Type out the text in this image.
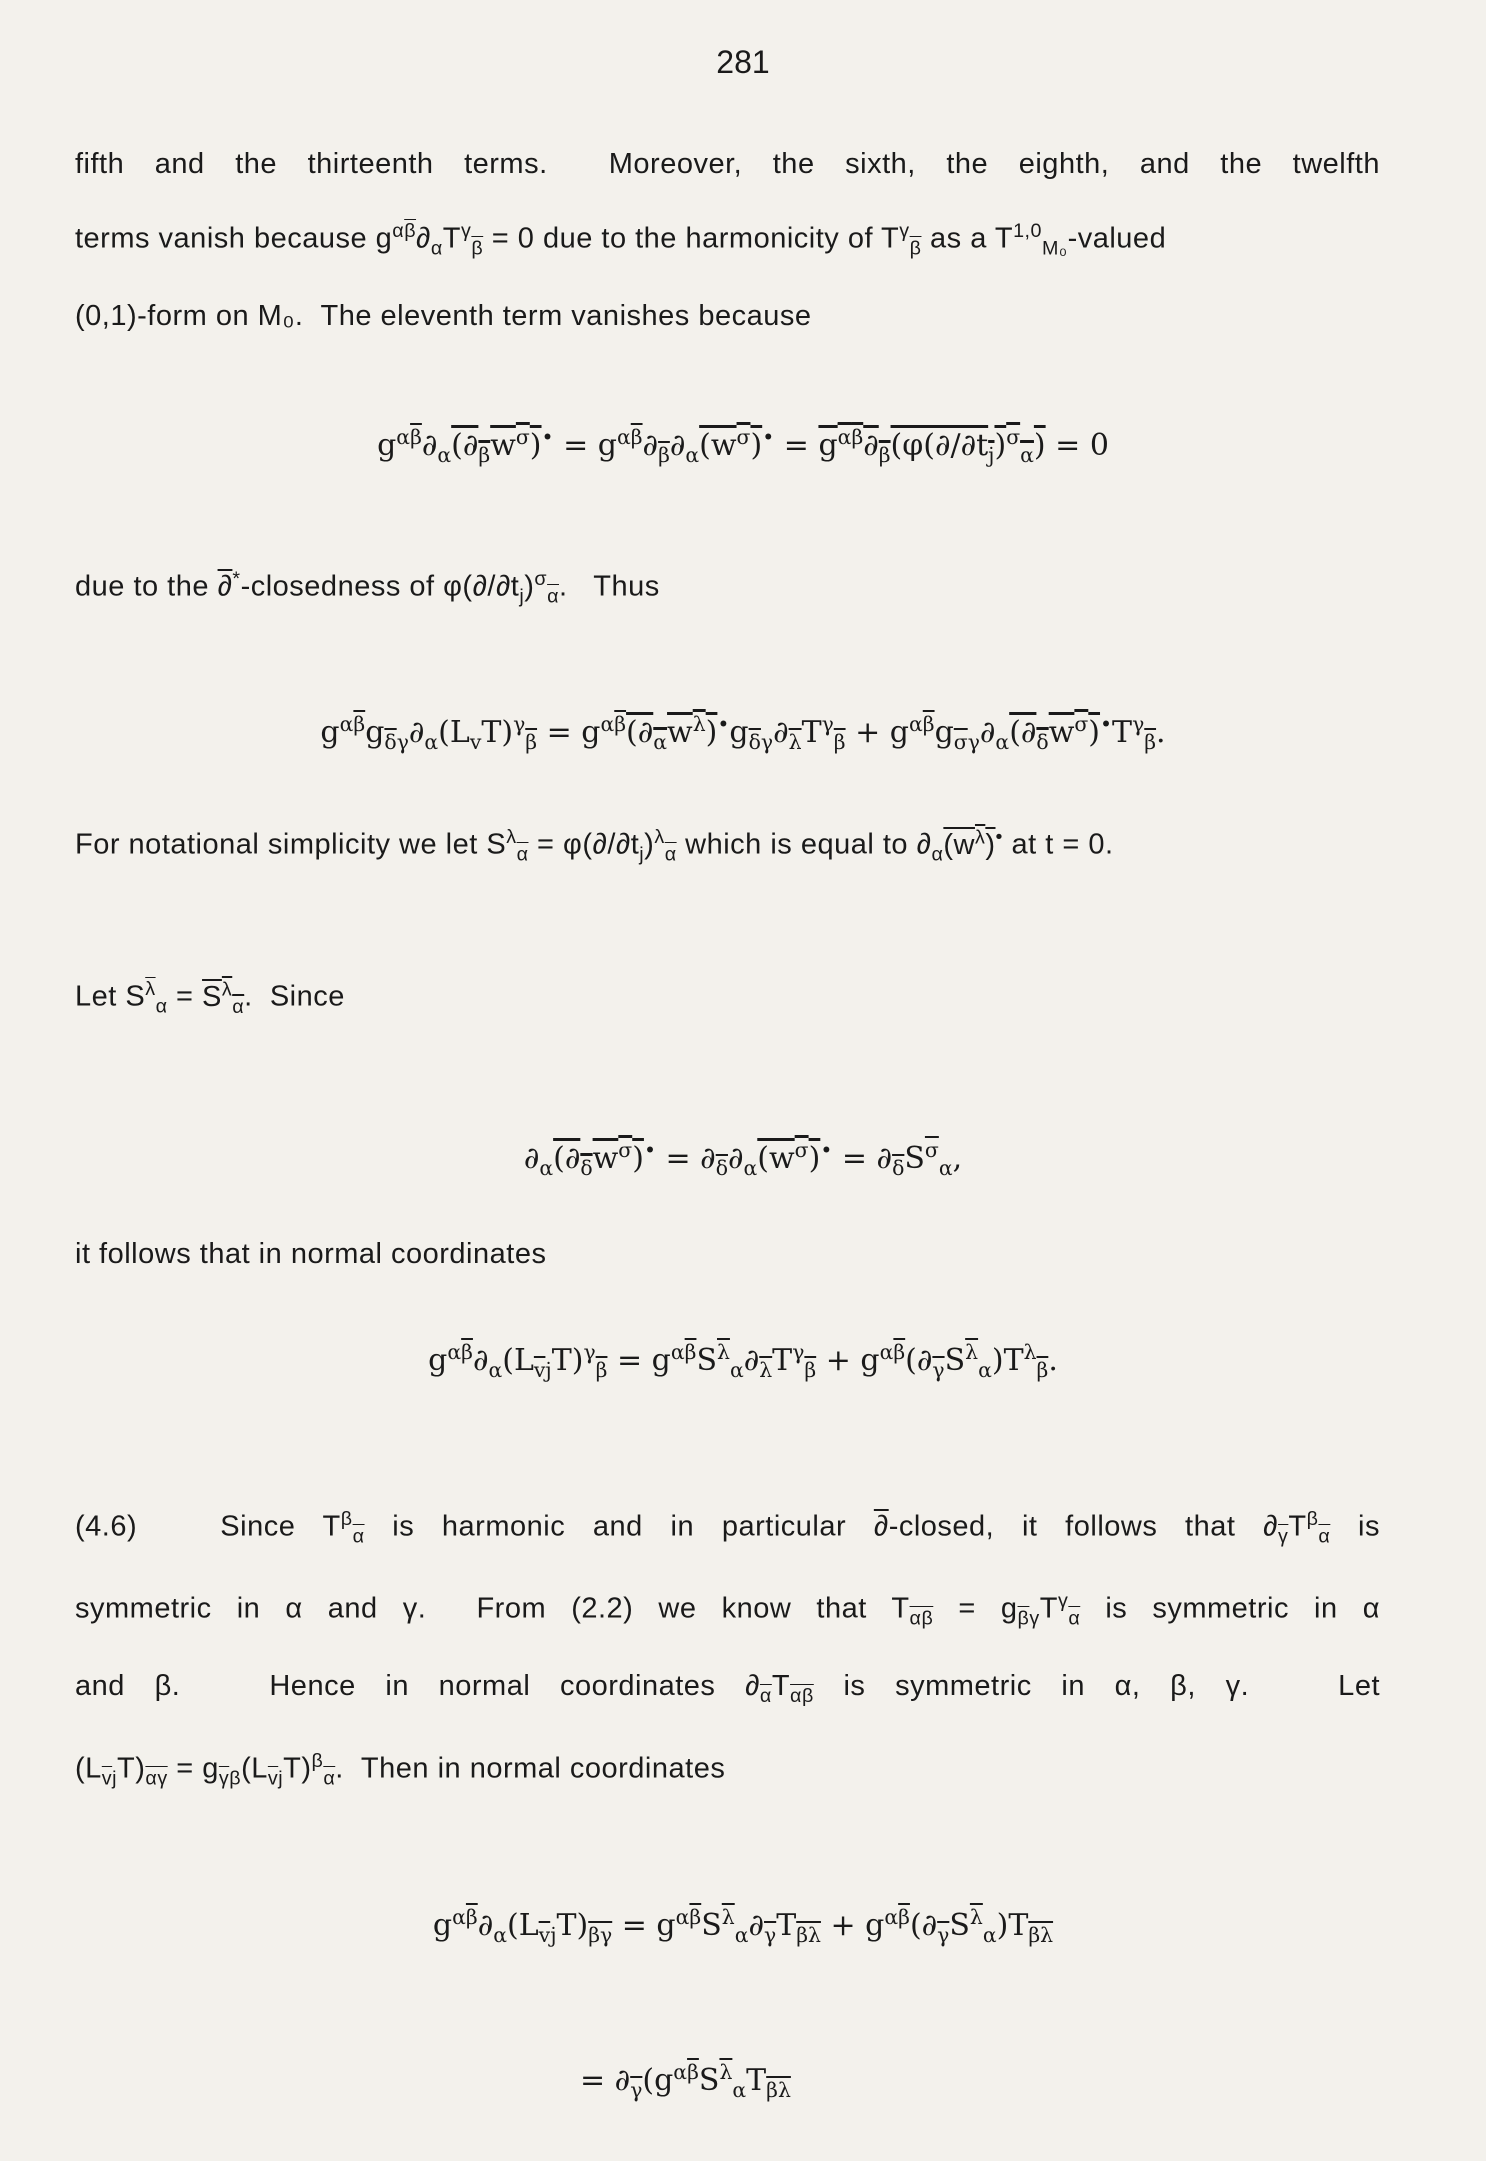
281
fifth and the thirteenth terms.  Moreover, the sixth, the eighth, and the twelfth
terms vanish because $g^{\alpha\overline{\beta}}\partial_\alpha T^\gamma_{\overline{\beta}} = 0$ due to the harmonicity of $T^\gamma_{\overline{\beta}}$ as a T$^{1,0}_{M_0}$-valued
(0,1)-form on M₀.  The eleventh term vanishes because
$g^{\alpha\overline{\beta}}\partial_\alpha(\partial_\beta w^\sigma)^• = g^{\alpha\overline{\beta}}\partial_{\overline{\beta}}\partial_\alpha(w^\sigma)^• = g^{\alpha\beta}\partial_\beta(\varphi(\partial/\partial t_j)^\sigma_\alpha) = 0$
due to the ∂*-closedness of $\varphi(\partial/\partial t_j)^\sigma_{\overline{\alpha}}$.   Thus
$g^{\alpha\overline{\beta}}g_{\overline{\delta}\gamma}\partial_\alpha(L_vT)^\gamma_{\overline{\beta}} = g^{\alpha\overline{\beta}}(\partial_\alpha w^\lambda)^•g_{\overline{\delta}\gamma}\partial_{\overline{\lambda}}T^\gamma_{\overline{\beta}} + g^{\alpha\overline{\beta}}g_{\overline{\sigma}\gamma}\partial_\alpha(\partial_\delta w^\sigma)^•T^\gamma_{\overline{\beta}}$.
For notational simplicity we let $S^\lambda_{\overline{\alpha}} = \varphi(\partial/\partial t_j)^\lambda_{\overline{\alpha}}$ which is equal to $\partial_\alpha(w^\lambda)^•$ at t = 0.
Let $S^{\overline{\lambda}}_\alpha = S^\lambda_\alpha$.  Since
$\partial_\alpha(\partial_\delta w^\sigma)^• = \partial_{\overline{\delta}}\partial_\alpha(w^\sigma)^• = \partial_{\overline{\delta}}S^{\overline{\sigma}}_\alpha$,
it follows that in normal coordinates
$g^{\alpha\overline{\beta}}\partial_\alpha(L_{\overline{v}j}T)^\gamma_{\overline{\beta}} = g^{\alpha\overline{\beta}}S^{\overline{\lambda}}_\alpha\partial_{\overline{\lambda}}T^\gamma_{\overline{\beta}} + g^{\alpha\overline{\beta}}(\partial_{\overline{\gamma}}S^{\overline{\lambda}}_\alpha)T^\lambda_{\overline{\beta}}$.
(4.6)   Since $T^\beta_{\overline{\alpha}}$ is harmonic and in particular ∂-closed, it follows that $\partial_{\overline{\gamma}}T^\beta_{\overline{\alpha}}$ is
symmetric in α and γ.  From (2.2) we know that $T_{\overline{\alpha\beta}} = g_{\overline{\beta}\gamma}T^\gamma_{\overline{\alpha}}$ is symmetric in α
and β.   Hence in normal coordinates $\partial_{\overline{\alpha}}T_{\overline{\alpha\beta}}$ is symmetric in α, β, γ.   Let
$(L_{\overline{v}j}T)_{\overline{\alpha\gamma}} = g_{\overline{\gamma}\beta}(L_{\overline{v}j}T)^\beta_{\overline{\alpha}}$.  Then in normal coordinates
$g^{\alpha\overline{\beta}}\partial_\alpha(L_{\overline{v}j}T)_{\overline{\beta\gamma}} = g^{\alpha\overline{\beta}}S^{\overline{\lambda}}_\alpha\partial_{\overline{\gamma}}T_{\overline{\beta\lambda}} + g^{\alpha\overline{\beta}}(\partial_{\overline{\gamma}}S^{\overline{\lambda}}_\alpha)T_{\overline{\beta\lambda}}$
= $\partial_{\overline{\gamma}}(g^{\alpha\overline{\beta}}S^{\overline{\lambda}}_\alpha T_{\overline{\beta\lambda}}$
